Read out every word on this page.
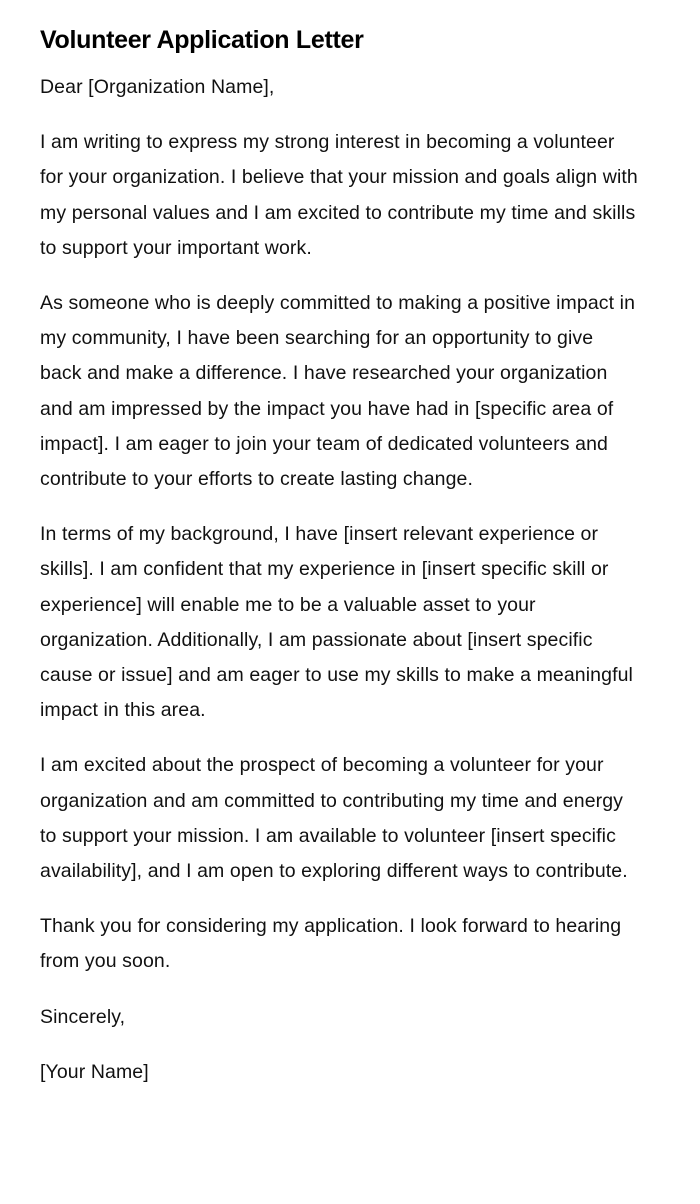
Volunteer Application Letter

Dear [Organization Name],

I am writing to express my strong interest in becoming a volunteer for your organization. I believe that your mission and goals align with my personal values and I am excited to contribute my time and skills to support your important work.

As someone who is deeply committed to making a positive impact in my community, I have been searching for an opportunity to give back and make a difference. I have researched your organization and am impressed by the impact you have had in [specific area of impact]. I am eager to join your team of dedicated volunteers and contribute to your efforts to create lasting change.

In terms of my background, I have [insert relevant experience or skills]. I am confident that my experience in [insert specific skill or experience] will enable me to be a valuable asset to your organization. Additionally, I am passionate about [insert specific cause or issue] and am eager to use my skills to make a meaningful impact in this area.

I am excited about the prospect of becoming a volunteer for your organization and am committed to contributing my time and energy to support your mission. I am available to volunteer [insert specific availability], and I am open to exploring different ways to contribute.

Thank you for considering my application. I look forward to hearing from you soon.

Sincerely,

[Your Name]
